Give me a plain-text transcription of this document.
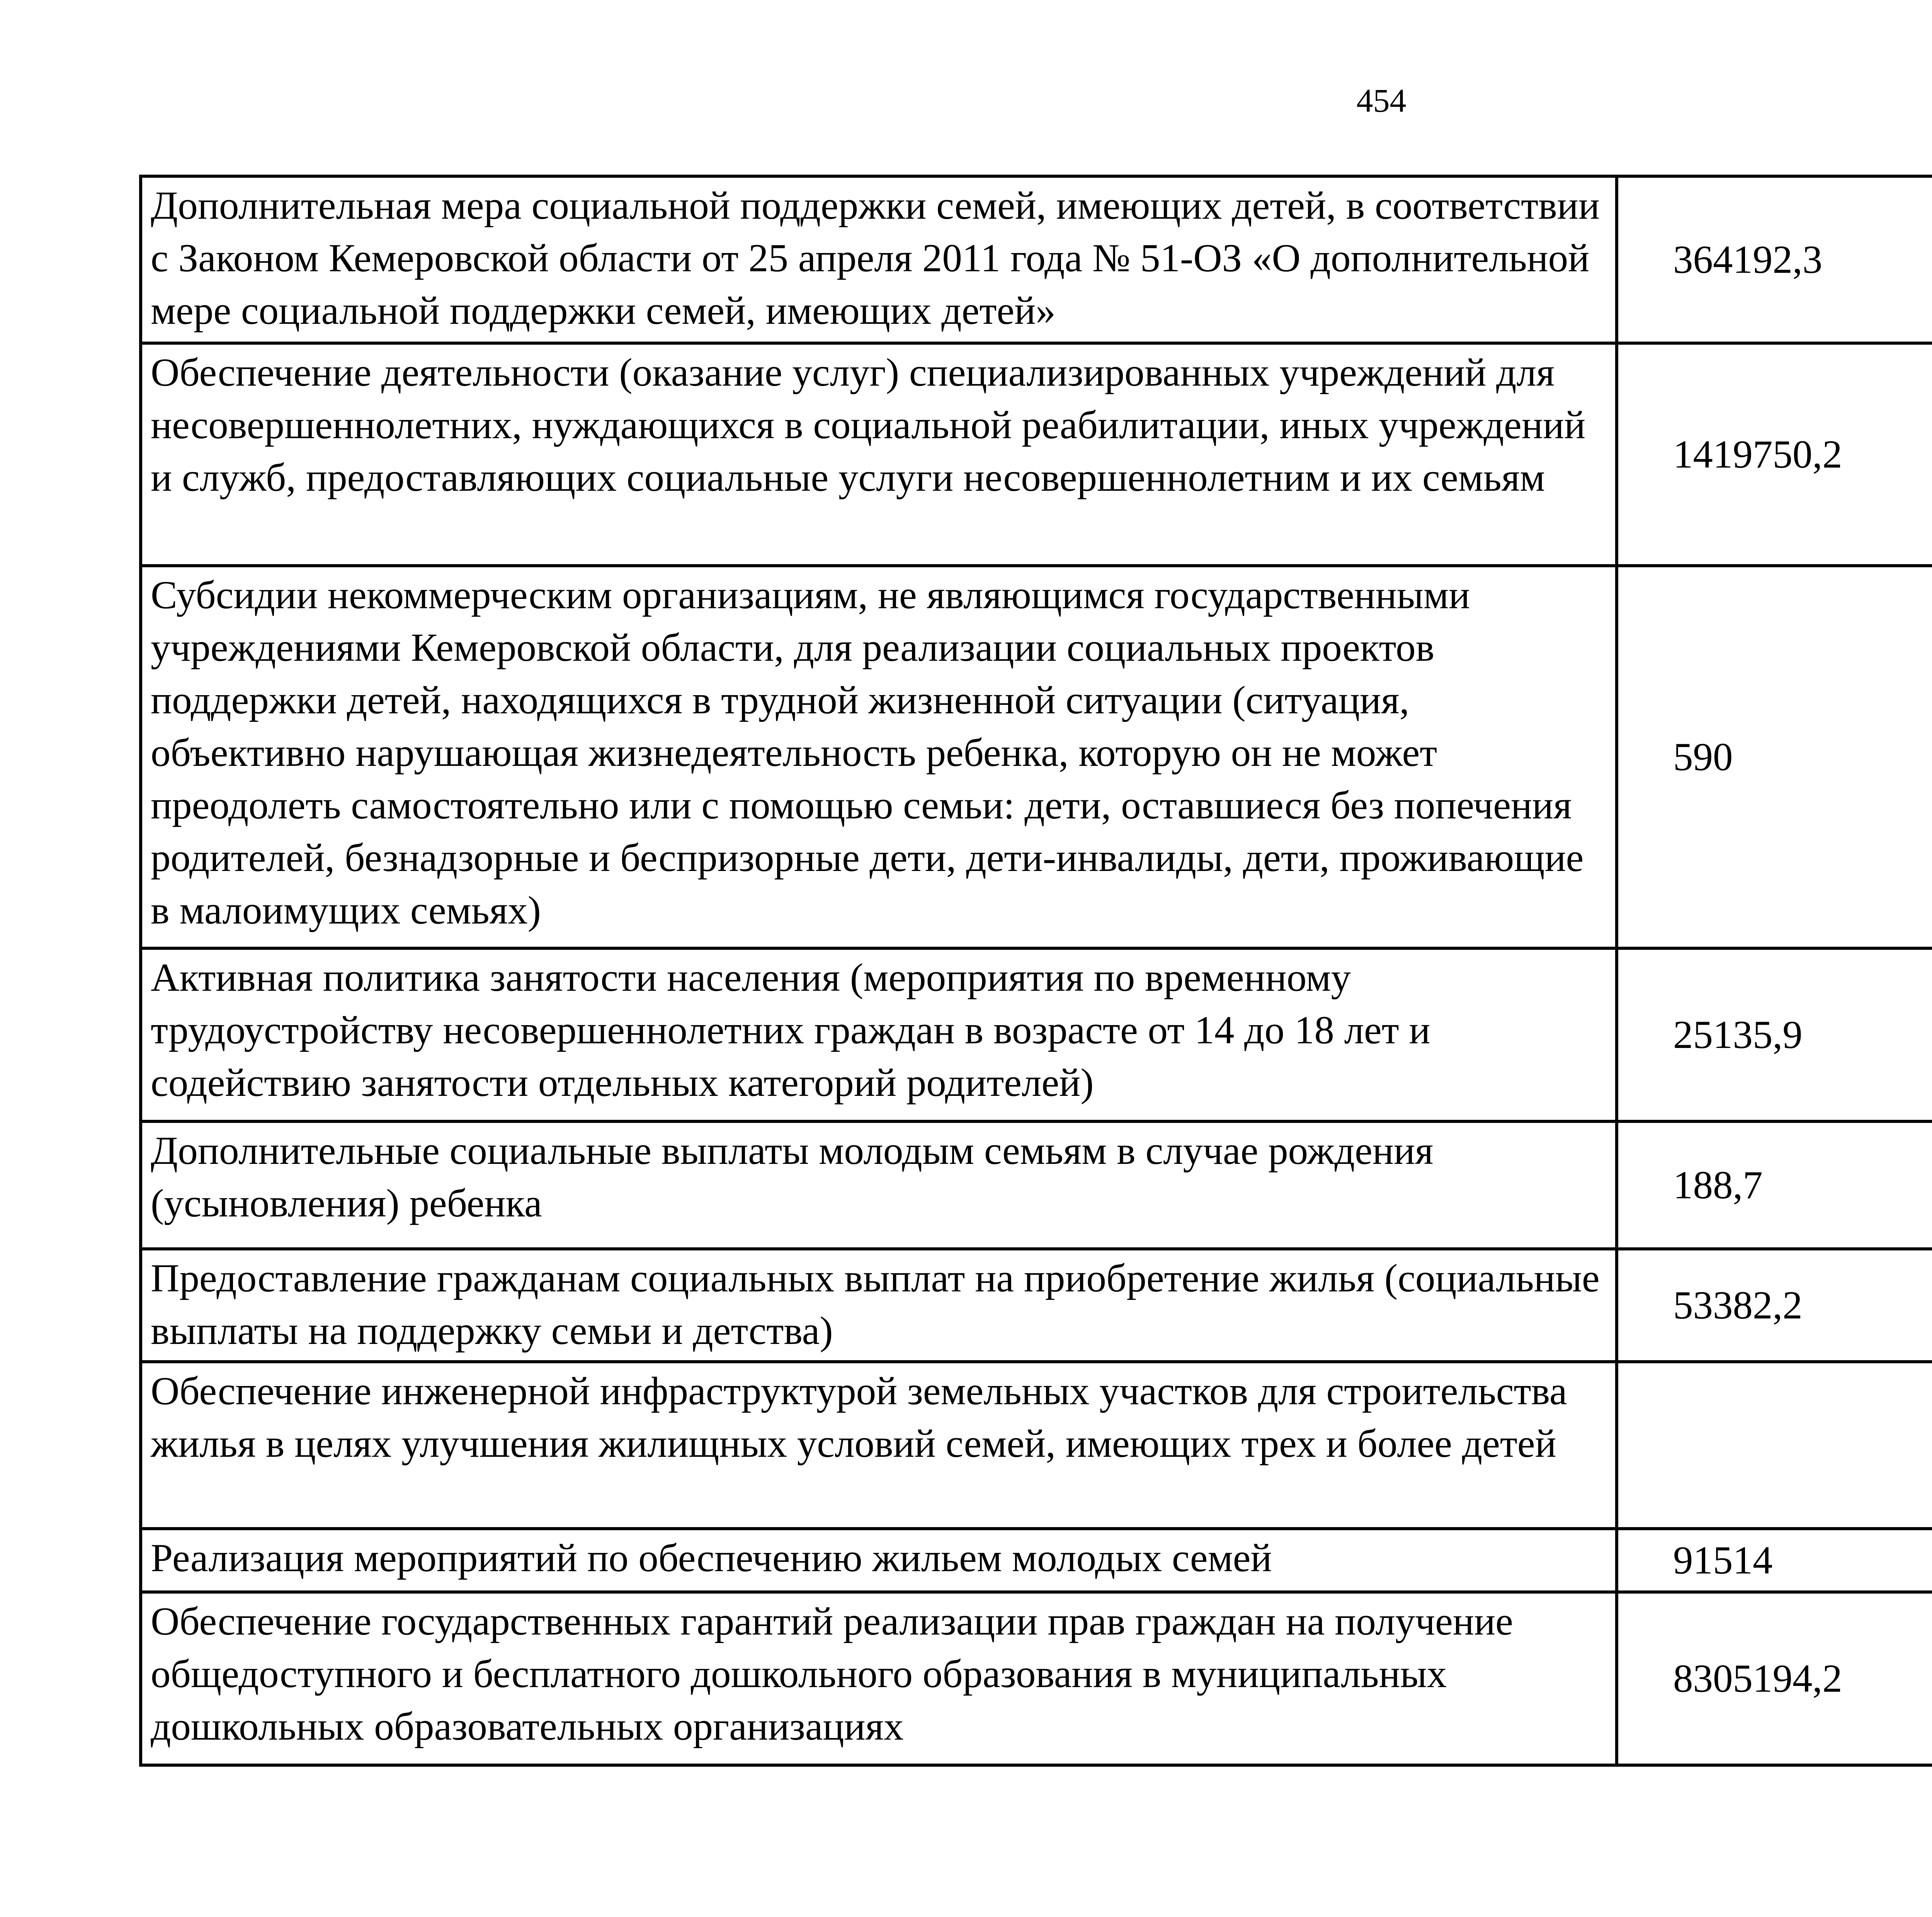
454
Дополнительная мера социальной поддержки семей, имеющих детей, в соответствии с Законом Кемеровской области от 25 апреля 2011 года № 51-ОЗ «О дополнительной мере социальной поддержки семей, имеющих детей»	364192,3		
Обеспечение деятельности (оказание услуг) специализированных учреждений для несовершеннолетних, нуждающихся в социальной реабилитации, иных учреждений и служб, предоставляющих социальные услуги несовершеннолетним и их семьям	1419750,2		
Субсидии некоммерческим организациям, не являющимся государственными учреждениями Кемеровской области, для реализации социальных проектов поддержки детей, находящихся в трудной жизненной ситуации (ситуация, объективно нарушающая жизнедеятельность ребенка, которую он не может преодолеть самостоятельно или с помощью семьи: дети, оставшиеся без попечения родителей, безнадзорные и беспризорные дети, дети-инвалиды, дети, проживающие в малоимущих семьях)	590		
Активная политика занятости населения (мероприятия по временному трудоустройству несовершеннолетних граждан в возрасте от 14 до 18 лет и содействию занятости отдельных категорий родителей)	25135,9		
Дополнительные социальные выплаты молодым семьям в случае рождения (усыновления) ребенка	188,7		
Предоставление гражданам социальных выплат на приобретение жилья (социальные выплаты на поддержку семьи и детства)	53382,2		
Обеспечение инженерной инфраструктурой земельных участков для строительства жилья в целях улучшения жилищных условий семей, имеющих трех и более детей			
Реализация мероприятий по обеспечению жильем молодых семей	91514		
Обеспечение государственных гарантий реализации прав граждан на получение общедоступного и бесплатного дошкольного образования в муниципальных дошкольных образовательных организациях	8305194,2		
